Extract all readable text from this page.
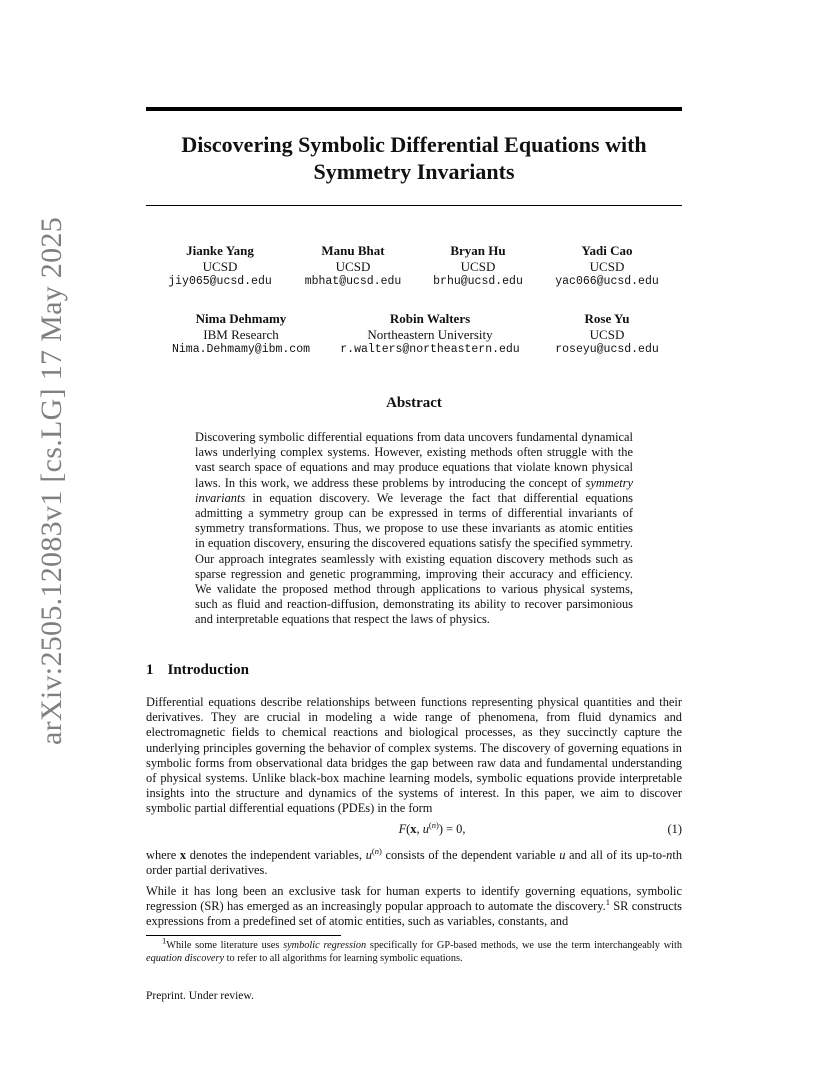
arXiv:2505.12083v1 [cs.LG] 17 May 2025
Discovering Symbolic Differential Equations with Symmetry Invariants
Jianke Yang
UCSD
jiy065@ucsd.edu
Manu Bhat
UCSD
mbhat@ucsd.edu
Bryan Hu
UCSD
brhu@ucsd.edu
Yadi Cao
UCSD
yac066@ucsd.edu
Nima Dehmamy
IBM Research
Nima.Dehmamy@ibm.com
Robin Walters
Northeastern University
r.walters@northeastern.edu
Rose Yu
UCSD
roseyu@ucsd.edu
Abstract
Discovering symbolic differential equations from data uncovers fundamental dynamical laws underlying complex systems. However, existing methods often struggle with the vast search space of equations and may produce equations that violate known physical laws. In this work, we address these problems by introducing the concept of symmetry invariants in equation discovery. We leverage the fact that differential equations admitting a symmetry group can be expressed in terms of differential invariants of symmetry transformations. Thus, we propose to use these invariants as atomic entities in equation discovery, ensuring the discovered equations satisfy the specified symmetry. Our approach integrates seamlessly with existing equation discovery methods such as sparse regression and genetic programming, improving their accuracy and efficiency. We validate the proposed method through applications to various physical systems, such as fluid and reaction-diffusion, demonstrating its ability to recover parsimonious and interpretable equations that respect the laws of physics.
1 Introduction
Differential equations describe relationships between functions representing physical quantities and their derivatives. They are crucial in modeling a wide range of phenomena, from fluid dynamics and electromagnetic fields to chemical reactions and biological processes, as they succinctly capture the underlying principles governing the behavior of complex systems. The discovery of governing equations in symbolic forms from observational data bridges the gap between raw data and fundamental understanding of physical systems. Unlike black-box machine learning models, symbolic equations provide interpretable insights into the structure and dynamics of the systems of interest. In this paper, we aim to discover symbolic partial differential equations (PDEs) in the form
F(x, $u^{(n)}) = 0$,	(1)
where x denotes the independent variables, $u^{(n)}$ consists of the dependent variable u and all of its up-to-nth order partial derivatives.
While it has long been an exclusive task for human experts to identify governing equations, symbolic regression (SR) has emerged as an increasingly popular approach to automate the discovery.$^1$ SR constructs expressions from a predefined set of atomic entities, such as variables, constants, and
$^1$While some literature uses symbolic regression specifically for GP-based methods, we use the term interchangeably with equation discovery to refer to all algorithms for learning symbolic equations.
Preprint. Under review.
